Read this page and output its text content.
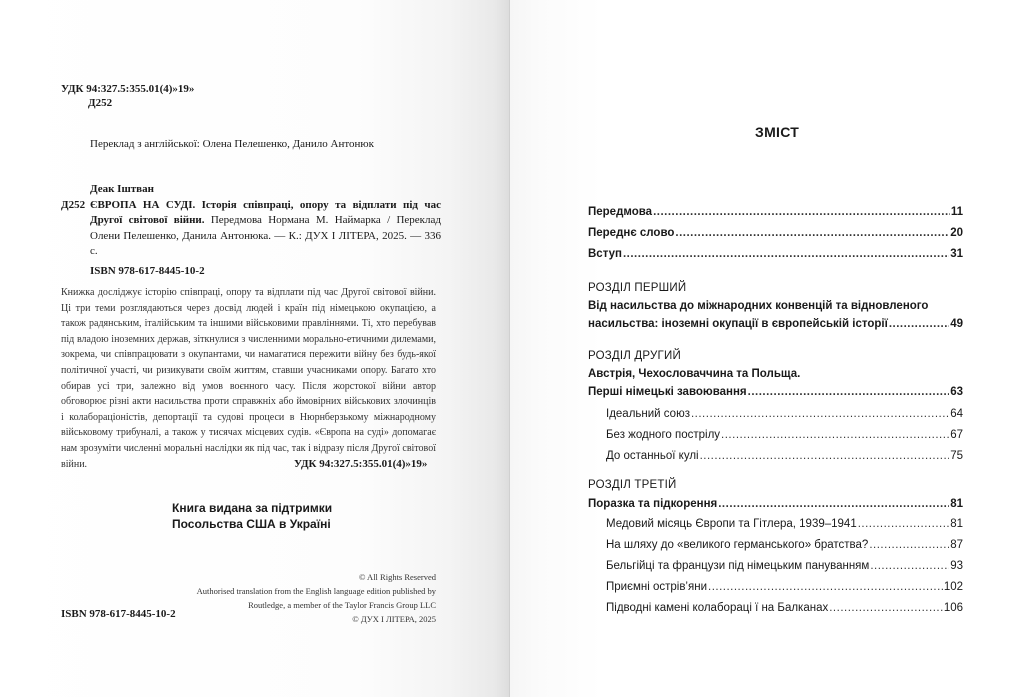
УДК 94:327.5:355.01(4)»19»
Д252
Переклад з англійської: Олена Пелешенко, Данило Антонюк
Деак Іштван
Д252 ЄВРОПА НА СУДІ. Історія співпраці, опору та відплати під час Другої світової війни. Передмова Нормана М. Наймарка / Переклад Олени Пелешенко, Данила Антонюка. — К.: ДУХ І ЛІТЕРА, 2025. — 336 с.
ISBN 978-617-8445-10-2
Книжка досліджує історію співпраці, опору та відплати під час Другої світової війни. Ці три теми розглядаються через досвід людей і країн під німецькою окупацією, а також радянським, італійським та іншими військовими правліннями. Ті, хто перебував під владою іноземних держав, зіткнулися з численними морально-етичними дилемами, зокрема, чи співпрацювати з окупантами, чи намагатися пережити війну без будь-якої політичної участі, чи ризикувати своїм життям, ставши учасниками опору. Багато хто обирав усі три, залежно від умов воєнного часу. Після жорстокої війни автор обговорює різні акти насильства проти справжніх або ймовірних військових злочинців і колабораціоністів, депортації та судові процеси в Нюрнберзькому міжнародному військовому трибуналі, а також у тисячах місцевих судів. «Європа на суді» допомагає нам зрозуміти численні моральні наслідки як під час, так і відразу після Другої світової війни.	УДК 94:327.5:355.01(4)»19»
Книга видана за підтримки
Посольства США в Україні
© All Rights Reserved
Authorised translation from the English language edition published by
Routledge, a member of the Taylor Francis Group LLC
© ДУХ І ЛІТЕРА, 2025
ISBN 978-617-8445-10-2
ЗМІСТ
Передмова .....	11
Переднє слово .....	20
Вступ .....	31
РОЗДІЛ ПЕРШИЙ
Від насильства до міжнародних конвенцій та відновленого
насильства: іноземні окупації в європейській історії .....	49
РОЗДІЛ ДРУГИЙ
Австрія, Чехословаччина та Польща.
Перші німецькі завоювання .....	63
Ідеальний союз .....	64
Без жодного пострілу .....	67
До останньої кулі .....	75
РОЗДІЛ ТРЕТІЙ
Поразка та підкорення .....	81
Медовий місяць Європи та Гітлера, 1939–1941 .....	81
На шляху до «великого германського» братства? .....	87
Бельгійці та французи під німецьким пануванням .....	93
Приємні острів’яни .....	102
Підводні камені колабораці ї на Балканах .....	106
